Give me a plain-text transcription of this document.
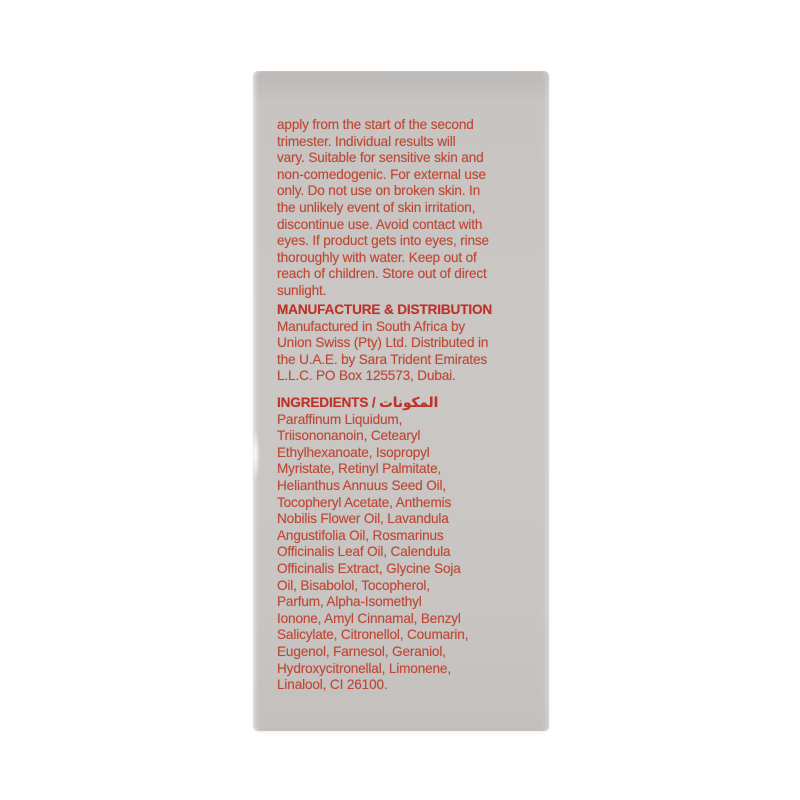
apply from the start of the second
trimester. Individual results will
vary. Suitable for sensitive skin and
non-comedogenic. For external use
only. Do not use on broken skin. In
the unlikely event of skin irritation,
discontinue use. Avoid contact with
eyes. If product gets into eyes, rinse
thoroughly with water. Keep out of
reach of children. Store out of direct
sunlight.
MANUFACTURE & DISTRIBUTION
Manufactured in South Africa by
Union Swiss (Pty) Ltd. Distributed in
the U.A.E. by Sara Trident Emirates
L.L.C. PO Box 125573, Dubai.
INGREDIENTS / المكونات
Paraffinum Liquidum,
Triisononanoin, Cetearyl
Ethylhexanoate, Isopropyl
Myristate, Retinyl Palmitate,
Helianthus Annuus Seed Oil,
Tocopheryl Acetate, Anthemis
Nobilis Flower Oil, Lavandula
Angustifolia Oil, Rosmarinus
Officinalis Leaf Oil, Calendula
Officinalis Extract, Glycine Soja
Oil, Bisabolol, Tocopherol,
Parfum, Alpha-Isomethyl
Ionone, Amyl Cinnamal, Benzyl
Salicylate, Citronellol, Coumarin,
Eugenol, Farnesol, Geraniol,
Hydroxycitronellal, Limonene,
Linalool, CI 26100.
